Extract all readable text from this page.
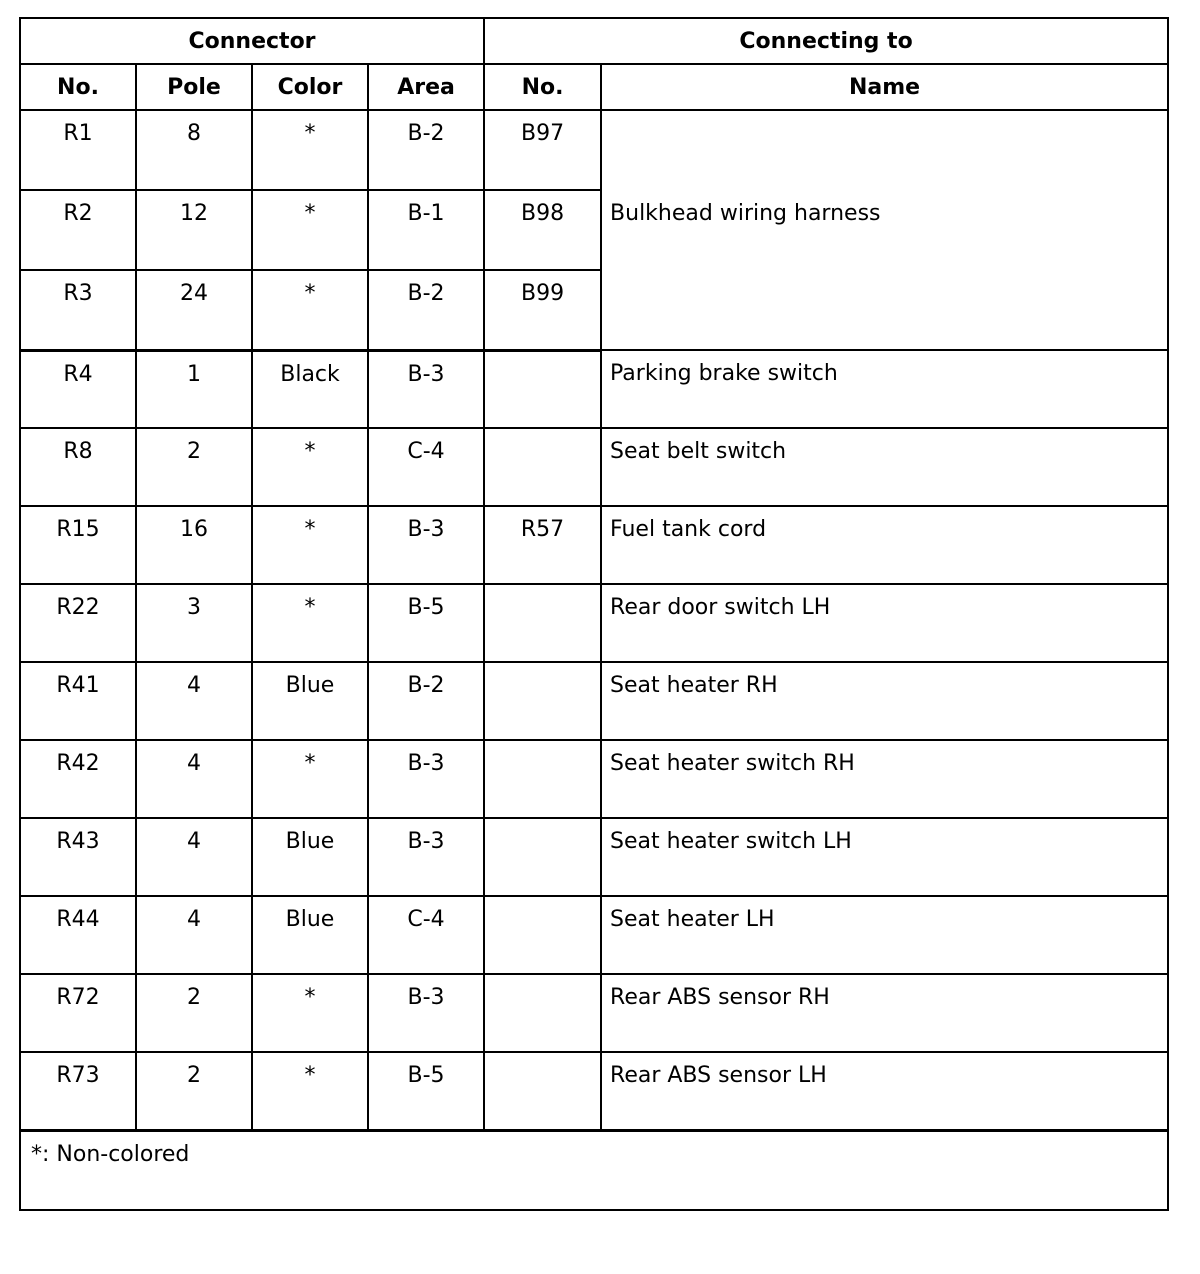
Connector				Connecting to	
No.	Pole	Color	Area	No.	Name
R1	8	*	B-2	B97	Bulkhead wiring harness
R2	12	*	B-1	B98	
R3	24	*	B-2	B99	
R4	1	Black	B-3		Parking brake switch
R8	2	*	C-4		Seat belt switch
R15	16	*	B-3	R57	Fuel tank cord
R22	3	*	B-5		Rear door switch LH
R41	4	Blue	B-2		Seat heater RH
R42	4	*	B-3		Seat heater switch RH
R43	4	Blue	B-3		Seat heater switch LH
R44	4	Blue	C-4		Seat heater LH
R72	2	*	B-3		Rear ABS sensor RH
R73	2	*	B-5		Rear ABS sensor LH
*: Non-colored					
